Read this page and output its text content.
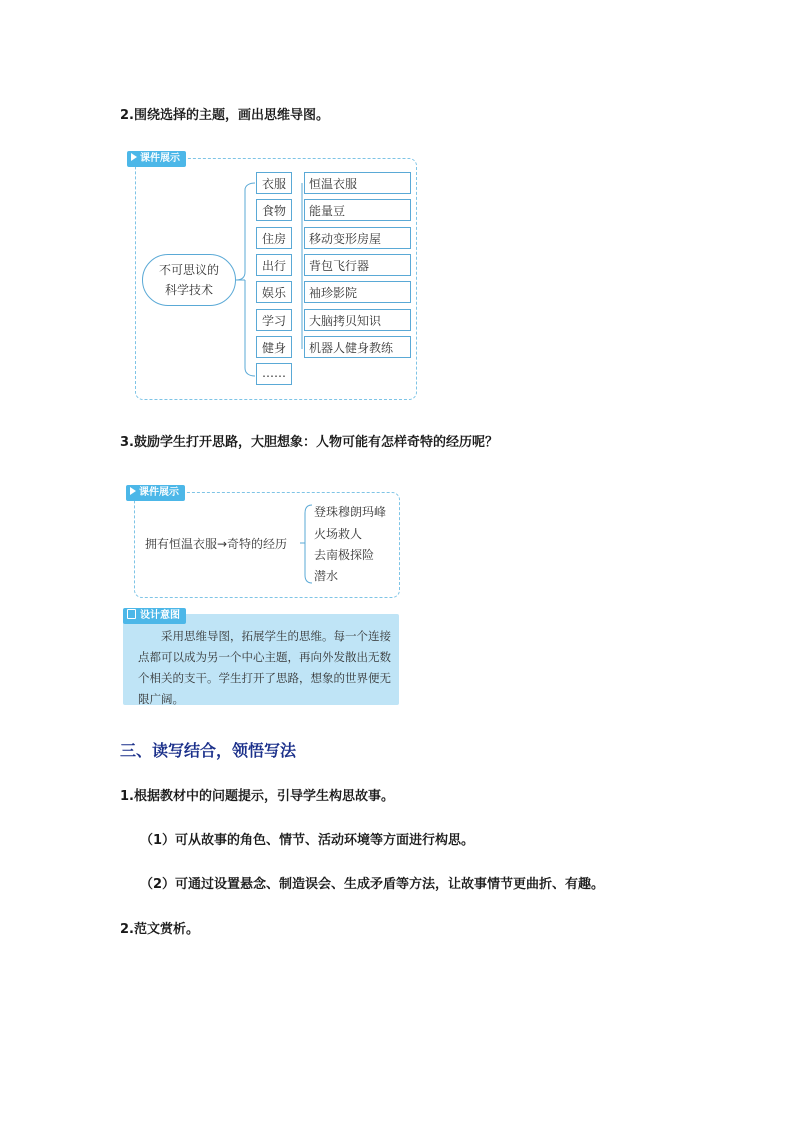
2.围绕选择的主题，画出思维导图。
课件展示
不可思议的
科学技术
衣服
食物
住房
出行
娱乐
学习
健身
……
恒温衣服
能量豆
移动变形房屋
背包飞行器
袖珍影院
大脑拷贝知识
机器人健身教练
3.鼓励学生打开思路，大胆想象：人物可能有怎样奇特的经历呢？
课件展示
拥有恒温衣服→奇特的经历
登珠穆朗玛峰
火场救人
去南极探险
潜水
设计意图
采用思维导图，拓展学生的思维。每一个连接点都可以成为另一个中心主题，再向外发散出无数个相关的支干。学生打开了思路，想象的世界便无限广阔。
三、读写结合，领悟写法
1.根据教材中的问题提示，引导学生构思故事。
（1）可从故事的角色、情节、活动环境等方面进行构思。
（2）可通过设置悬念、制造误会、生成矛盾等方法，让故事情节更曲折、有趣。
2.范文赏析。
